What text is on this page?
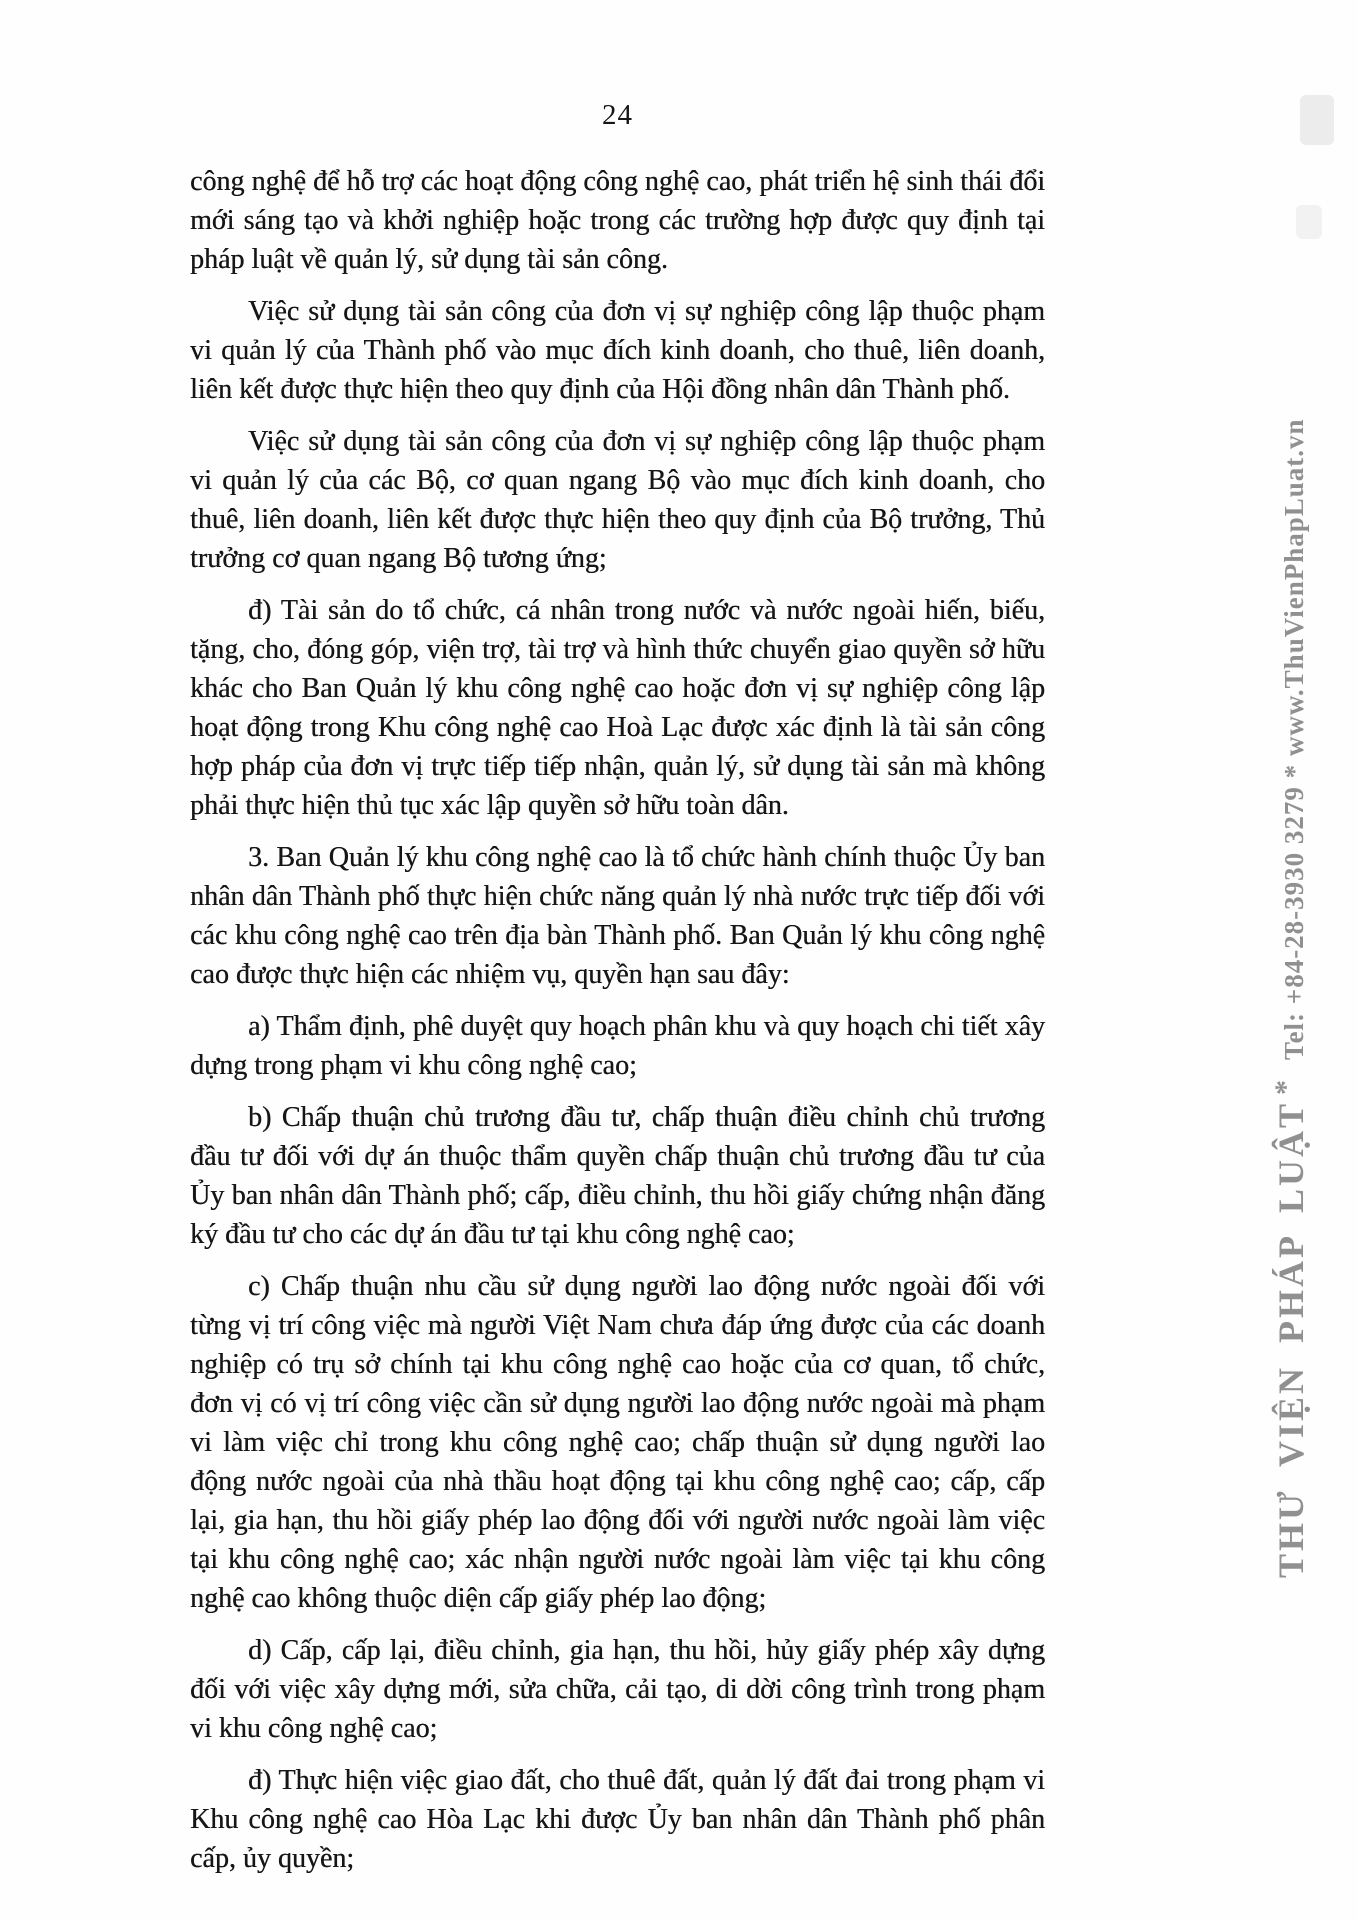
24

công nghệ để hỗ trợ các hoạt động công nghệ cao, phát triển hệ sinh thái đổi mới sáng tạo và khởi nghiệp hoặc trong các trường hợp được quy định tại pháp luật về quản lý, sử dụng tài sản công.

Việc sử dụng tài sản công của đơn vị sự nghiệp công lập thuộc phạm vi quản lý của Thành phố vào mục đích kinh doanh, cho thuê, liên doanh, liên kết được thực hiện theo quy định của Hội đồng nhân dân Thành phố.

Việc sử dụng tài sản công của đơn vị sự nghiệp công lập thuộc phạm vi quản lý của các Bộ, cơ quan ngang Bộ vào mục đích kinh doanh, cho thuê, liên doanh, liên kết được thực hiện theo quy định của Bộ trưởng, Thủ trưởng cơ quan ngang Bộ tương ứng;

đ) Tài sản do tổ chức, cá nhân trong nước và nước ngoài hiến, biếu, tặng, cho, đóng góp, viện trợ, tài trợ và hình thức chuyển giao quyền sở hữu khác cho Ban Quản lý khu công nghệ cao hoặc đơn vị sự nghiệp công lập hoạt động trong Khu công nghệ cao Hoà Lạc được xác định là tài sản công hợp pháp của đơn vị trực tiếp tiếp nhận, quản lý, sử dụng tài sản mà không phải thực hiện thủ tục xác lập quyền sở hữu toàn dân.

3. Ban Quản lý khu công nghệ cao là tổ chức hành chính thuộc Ủy ban nhân dân Thành phố thực hiện chức năng quản lý nhà nước trực tiếp đối với các khu công nghệ cao trên địa bàn Thành phố. Ban Quản lý khu công nghệ cao được thực hiện các nhiệm vụ, quyền hạn sau đây:

a) Thẩm định, phê duyệt quy hoạch phân khu và quy hoạch chi tiết xây dựng trong phạm vi khu công nghệ cao;

b) Chấp thuận chủ trương đầu tư, chấp thuận điều chỉnh chủ trương đầu tư đối với dự án thuộc thẩm quyền chấp thuận chủ trương đầu tư của Ủy ban nhân dân Thành phố; cấp, điều chỉnh, thu hồi giấy chứng nhận đăng ký đầu tư cho các dự án đầu tư tại khu công nghệ cao;

c) Chấp thuận nhu cầu sử dụng người lao động nước ngoài đối với từng vị trí công việc mà người Việt Nam chưa đáp ứng được của các doanh nghiệp có trụ sở chính tại khu công nghệ cao hoặc của cơ quan, tổ chức, đơn vị có vị trí công việc cần sử dụng người lao động nước ngoài mà phạm vi làm việc chỉ trong khu công nghệ cao; chấp thuận sử dụng người lao động nước ngoài của nhà thầu hoạt động tại khu công nghệ cao; cấp, cấp lại, gia hạn, thu hồi giấy phép lao động đối với người nước ngoài làm việc tại khu công nghệ cao; xác nhận người nước ngoài làm việc tại khu công nghệ cao không thuộc diện cấp giấy phép lao động;

d) Cấp, cấp lại, điều chỉnh, gia hạn, thu hồi, hủy giấy phép xây dựng đối với việc xây dựng mới, sửa chữa, cải tạo, di dời công trình trong phạm vi khu công nghệ cao;

đ) Thực hiện việc giao đất, cho thuê đất, quản lý đất đai trong phạm vi Khu công nghệ cao Hòa Lạc khi được Ủy ban nhân dân Thành phố phân cấp, ủy quyền;

THƯ VIỆN PHÁP LUẬT
*
Tel: +84-28-3930 3279 * www.ThuVienPhapLuat.vn
